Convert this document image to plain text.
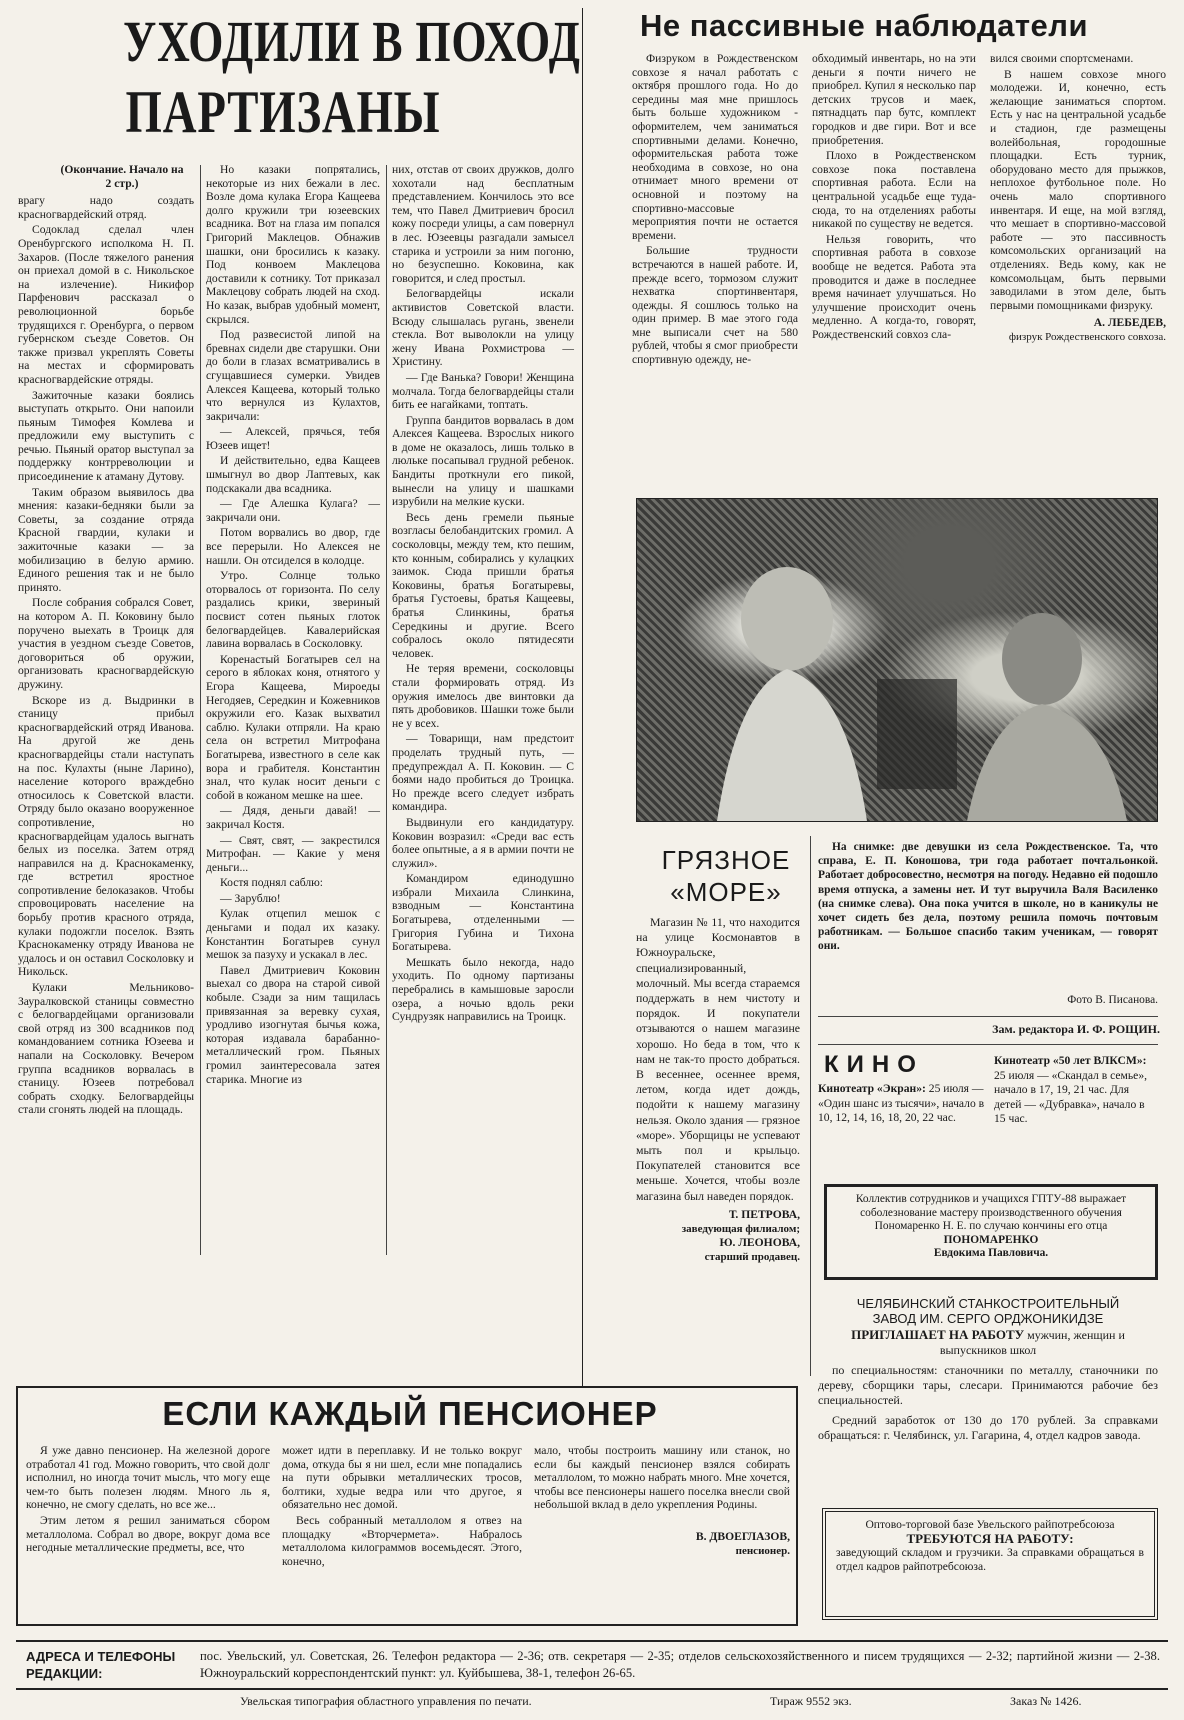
УХОДИЛИ В ПОХОД
ПАРТИЗАНЫ
(Окончание. Начало на 2 стр.)

врагу надо создать красногвардейский отряд.

Содоклад сделал член Оренбургского исполкома Н. П. Захаров. (После тяжелого ранения он приехал домой в с. Никольское на излечение). Никифор Парфенович рассказал о революционной борьбе трудящихся г. Оренбурга, о первом губернском съезде Советов. Он также призвал укреплять Советы на местах и сформировать красногвардейские отряды.

Зажиточные казаки боялись выступать открыто. Они напоили пьяным Тимофея Комлева и предложили ему выступить с речью. Пьяный оратор выступал за поддержку контрреволюции и присоединение к атаману Дутову.

Таким образом выявилось два мнения: казаки-бедняки были за Советы, за создание отряда Красной гвардии, кулаки и зажиточные казаки — за мобилизацию в белую армию. Единого решения так и не было принято.

После собрания собрался Совет, на котором А. П. Коковину было поручено выехать в Троицк для участия в уездном съезде Советов, договориться об оружии, организовать красногвардейскую дружину.

Вскоре из д. Выдринки в станицу прибыл красногвардейский отряд Иванова. На другой же день красногвардейцы стали наступать на пос. Кулахты (ныне Ларино), население которого враждебно относилось к Советской власти. Отряду было оказано вооруженное сопротивление, но красногвардейцам удалось выгнать белых из поселка. Затем отряд направился на д. Краснокаменку, где встретил яростное сопротивление белоказаков. Чтобы спровоцировать население на борьбу против красного отряда, кулаки подожгли поселок. Взять Краснокаменку отряду Иванова не удалось и он оставил Сосколовку и Никольск.

Кулаки Мельниково-Зауралковской станицы совместно с белогвардейцами организовали свой отряд из 300 всадников под командованием сотника Юзеева и напали на Сосколовку. Вечером группа всадников ворвалась в станицу. Юзеев потребовал собрать сходку. Белогвардейцы стали сгонять людей на площадь.

Но казаки попрятались, некоторые из них бежали в лес. Возле дома кулака Егора Кащеева долго кружили три юзеевских всадника. Вот на глаза им попался Григорий Маклецов. Обнажив шашки, они бросились к казаку. Под конвоем Маклецова доставили к сотнику. Тот приказал Маклецову собрать людей на сход. Но казак, выбрав удобный момент, скрылся.

Под развесистой липой на бревнах сидели две старушки. Они до боли в глазах всматривались в сгущавшиеся сумерки. Увидев Алексея Кащеева, который только что вернулся из Кулахтов, закричали:

— Алексей, прячься, тебя Юзеев ищет!

И действительно, едва Кащеев шмыгнул во двор Лаптевых, как подскакали два всадника.

— Где Алешка Кулага? — закричали они.

Потом ворвались во двор, где все перерыли. Но Алексея не нашли. Он отсиделся в колодце.

Утро. Солнце только оторвалось от горизонта. По селу раздались крики, звериный посвист сотен пьяных глоток белогвардейцев. Кавалерийская лавина ворвалась в Сосколовку.

Коренастый Богатырев сел на серого в яблоках коня, отнятого у Егора Кащеева, Мироеды Негодяев, Середкин и Кожевников окружили его. Казак выхватил саблю. Кулаки отпряли. На краю села он встретил Митрофана Богатырева, известного в селе как вора и грабителя. Константин знал, что кулак носит деньги с собой в кожаном мешке на шее.

— Дядя, деньги давай! — закричал Костя.

— Свят, свят, — закрестился Митрофан. — Какие у меня деньги...

Костя поднял саблю:

— Зарублю!

Кулак отцепил мешок с деньгами и подал их казаку. Константин Богатырев сунул мешок за пазуху и ускакал в лес.

Павел Дмитриевич Коковин выехал со двора на старой сивой кобыле. Сзади за ним тащилась привязанная за веревку сухая, уродливо изогнутая бычья кожа, которая издавала барабанно-металлический гром. Пьяных громил заинтересовала затея старика. Многие из

них, отстав от своих дружков, долго хохотали над бесплатным представлением. Кончилось это все тем, что Павел Дмитриевич бросил кожу посреди улицы, а сам повернул в лес. Юзеевцы разгадали замысел старика и устроили за ним погоню, но безуспешно. Коковина, как говорится, и след простыл.

Белогвардейцы искали активистов Советской власти. Всюду слышалась ругань, звенели стекла. Вот выволокли на улицу жену Ивана Рохмистрова — Христину.

— Где Ванька? Говори! Женщина молчала. Тогда белогвардейцы стали бить ее нагайками, топтать.

Группа бандитов ворвалась в дом Алексея Кащеева. Взрослых никого в доме не оказалось, лишь только в люльке посапывал грудной ребенок. Бандиты проткнули его пикой, вынесли на улицу и шашками изрубили на мелкие куски.

Весь день гремели пьяные возгласы белобандитских громил. А сосколовцы, между тем, кто пешим, кто конным, собирались у кулацких заимок. Сюда пришли братья Коковины, братья Богатыревы, братья Густоевы, братья Кащеевы, братья Слинкины, братья Середкины и другие. Всего собралось около пятидесяти человек.

Не теряя времени, сосколовцы стали формировать отряд. Из оружия имелось две винтовки да пять дробовиков. Шашки тоже были не у всех.

— Товарищи, нам предстоит проделать трудный путь, — предупреждал А. П. Коковин. — С боями надо пробиться до Троицка. Но прежде всего следует избрать командира.

Выдвинули его кандидатуру. Коковин возразил: «Среди вас есть более опытные, а я в армии почти не служил».

Командиром единодушно избрали Михаила Слинкина, взводным — Константина Богатырева, отделенными — Григория Губина и Тихона Богатырева.

Мешкать было некогда, надо уходить. По одному партизаны перебрались в камышовые заросли озера, а ночью вдоль реки Сундрузяк направились на Троицк.

Не пассивные наблюдатели

Физруком в Рождественском совхозе я начал работать с октября прошлого года. Но до середины мая мне пришлось быть больше художником - оформителем, чем заниматься спортивными делами. Конечно, оформительская работа тоже необходима в совхозе, но она отнимает много времени от основной и поэтому на спортивно-массовые мероприятия почти не остается времени.

Большие трудности встречаются в нашей работе. И, прежде всего, тормозом служит нехватка спортинвентаря, одежды. Я сошлюсь только на один пример. В мае этого года мне выписали счет на 580 рублей, чтобы я смог приобрести спортивную одежду, не-

обходимый инвентарь, но на эти деньги я почти ничего не приобрел. Купил я несколько пар детских трусов и маек, пятнадцать пар бутс, комплект городков и две гири. Вот и все приобретения.

Плохо в Рождественском совхозе пока поставлена спортивная работа. Если на центральной усадьбе еще туда-сюда, то на отделениях работы никакой по существу не ведется.

Нельзя говорить, что спортивная работа в совхозе вообще не ведется. Работа эта проводится и даже в последнее время начинает улучшаться. Но улучшение происходит очень медленно. А когда-то, говорят, Рождественский совхоз сла-

вился своими спортсменами.

В нашем совхозе много молодежи. И, конечно, есть желающие заниматься спортом. Есть у нас на центральной усадьбе и стадион, где размещены волейбольная, городошные площадки. Есть турник, оборудовано место для прыжков, неплохое футбольное поле. Но очень мало спортивного инвентаря. И еще, на мой взгляд, что мешает в спортивно-массовой работе — это пассивность комсомольских организаций на отделениях. Ведь кому, как не комсомольцам, быть первыми заводилами в этом деле, быть первыми помощниками физруку.

А. ЛЕБЕДЕВ,
физрук Рождественского совхоза.
ГРЯЗНОЕ
«МОРЕ»

Магазин № 11, что находится на улице Космонавтов в Южноуральске, специализированный, молочный. Мы всегда стараемся поддержать в нем чистоту и порядок. И покупатели отзываются о нашем магазине хорошо. Но беда в том, что к нам не так-то просто добраться. В весеннее, осеннее время, летом, когда идет дождь, подойти к нашему магазину нельзя. Около здания — грязное «море». Уборщицы не успевают мыть пол и крыльцо. Покупателей становится все меньше. Хочется, чтобы возле магазина был наведен порядок.

Т. ПЕТРОВА,
заведующая филиалом;
Ю. ЛЕОНОВА,
старший продавец.

На снимке: две девушки из села Рождественское. Та, что справа, Е. П. Коношова, три года работает почтальонкой. Работает добросовестно, несмотря на погоду. Недавно ей подошло время отпуска, а замены нет. И тут выручила Валя Василенко (на снимке слева). Она пока учится в школе, но в каникулы не хочет сидеть без дела, поэтому решила помочь почтовым работникам. — Большое спасибо таким ученикам, — говорят они.

Фото В. Писанова.
Зам. редактора И. Ф. РОЩИН.
КИНО
Кинотеатр «Экран»: 25 июля — «Один шанс из тысячи», начало в 10, 12, 14, 16, 18, 20, 22 час.
Кинотеатр «50 лет ВЛКСМ»: 25 июля — «Скандал в семье», начало в 17, 19, 21 час. Для детей — «Дубравка», начало в 15 час.
Коллектив сотрудников и учащихся ГПТУ-88 выражает соболезнование мастеру производственного обучения Пономаренко Н. Е. по случаю кончины его отца
ПОНОМАРЕНКО
Евдокима Павловича.
ЧЕЛЯБИНСКИЙ СТАНКОСТРОИТЕЛЬНЫЙ
ЗАВОД ИМ. СЕРГО ОРДЖОНИКИДЗЕ
ПРИГЛАШАЕТ НА РАБОТУ мужчин, женщин и выпускников школ

по специальностям: станочники по металлу, станочники по дереву, сборщики тары, слесари. Принимаются рабочие без специальностей.

Средний заработок от 130 до 170 рублей. За справками обращаться: г. Челябинск, ул. Гагарина, 4, отдел кадров завода.

Оптово-торговой базе Увельского райпотребсоюза
ТРЕБУЮТСЯ НА РАБОТУ:
заведующий складом и грузчики. За справками обращаться в отдел кадров райпотребсоюза.
ЕСЛИ КАЖДЫЙ ПЕНСИОНЕР

Я уже давно пенсионер. На железной дороге отработал 41 год. Можно говорить, что свой долг исполнил, но иногда точит мысль, что могу еще чем-то быть полезен людям. Много ль я, конечно, не смогу сделать, но все же...

Этим летом я решил заниматься сбором металлолома. Собрал во дворе, вокруг дома все негодные металлические предметы, все, что

может идти в переплавку. И не только вокруг дома, откуда бы я ни шел, если мне попадались на пути обрывки металлических тросов, болтики, худые ведра или что другое, я обязательно нес домой.

Весь собранный металлолом я отвез на площадку «Вторчермета». Набралось металлолома килограммов восемьдесят. Этого, конечно,

мало, чтобы построить машину или станок, но если бы каждый пенсионер взялся собирать металлолом, то можно набрать много. Мне хочется, чтобы все пенсионеры нашего поселка внесли свой небольшой вклад в дело укрепления Родины.

В. ДВОЕГЛАЗОВ,
пенсионер.
АДРЕСА И ТЕЛЕФОНЫ РЕДАКЦИИ:
пос. Увельский, ул. Советская, 26. Телефон редактора — 2-36; отв. секретаря — 2-35; отделов сельскохозяйственного и писем трудящихся — 2-32; партийной жизни — 2-38. Южноуральский корреспондентский пункт: ул. Куйбышева, 38-1, телефон 26-65.
Увельская типография областного управления по печати.	Тираж 9552 экз.	Заказ № 1426.
